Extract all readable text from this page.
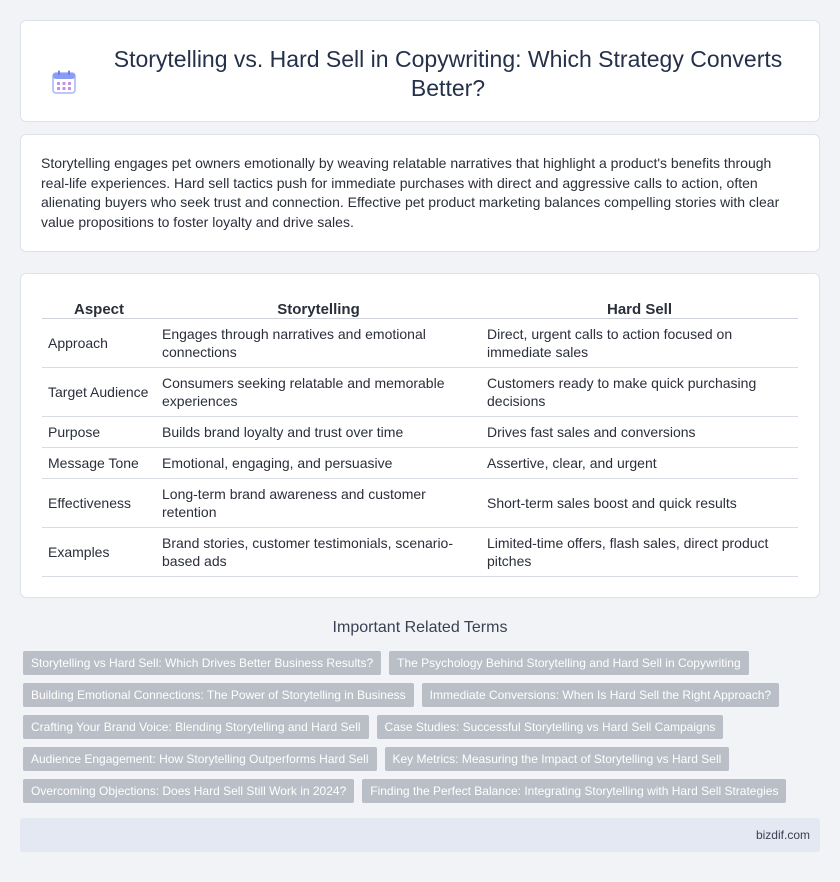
Storytelling vs. Hard Sell in Copywriting: Which Strategy Converts Better?

Storytelling engages pet owners emotionally by weaving relatable narratives that highlight a product's benefits through real-life experiences. Hard sell tactics push for immediate purchases with direct and aggressive calls to action, often alienating buyers who seek trust and connection. Effective pet product marketing balances compelling stories with clear value propositions to foster loyalty and drive sales.

Aspect	Storytelling	Hard Sell
Approach	Engages through narratives and emotional connections	Direct, urgent calls to action focused on immediate sales
Target Audience	Consumers seeking relatable and memorable experiences	Customers ready to make quick purchasing decisions
Purpose	Builds brand loyalty and trust over time	Drives fast sales and conversions
Message Tone	Emotional, engaging, and persuasive	Assertive, clear, and urgent
Effectiveness	Long-term brand awareness and customer retention	Short-term sales boost and quick results
Examples	Brand stories, customer testimonials, scenario-based ads	Limited-time offers, flash sales, direct product pitches
Important Related Terms
Storytelling vs Hard Sell: Which Drives Better Business Results?	The Psychology Behind Storytelling and Hard Sell in Copywriting
Building Emotional Connections: The Power of Storytelling in Business	Immediate Conversions: When Is Hard Sell the Right Approach?
Crafting Your Brand Voice: Blending Storytelling and Hard Sell	Case Studies: Successful Storytelling vs Hard Sell Campaigns
Audience Engagement: How Storytelling Outperforms Hard Sell	Key Metrics: Measuring the Impact of Storytelling vs Hard Sell
Overcoming Objections: Does Hard Sell Still Work in 2024?	Finding the Perfect Balance: Integrating Storytelling with Hard Sell Strategies
bizdif.com
